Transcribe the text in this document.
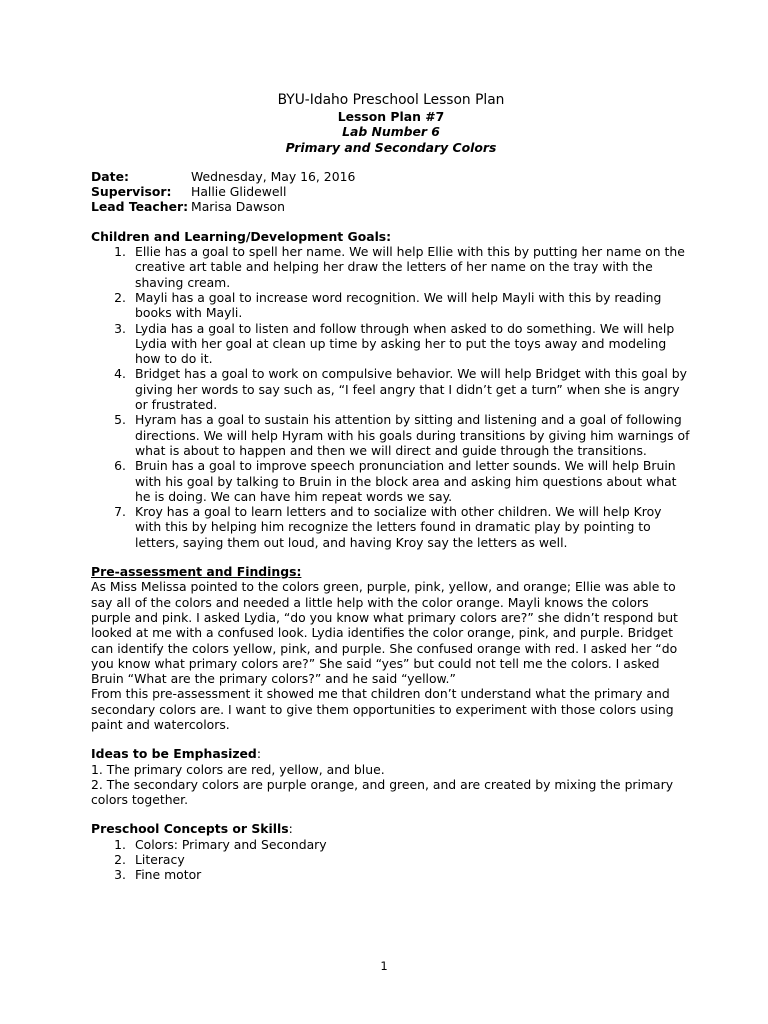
BYU-Idaho Preschool Lesson Plan
Lesson Plan #7
Lab Number 6
Primary and Secondary Colors
Date:	Wednesday, May 16, 2016
Supervisor:	Hallie Glidewell
Lead Teacher: Marisa Dawson
Children and Learning/Development Goals:
1. Ellie has a goal to spell her name. We will help Ellie with this by putting her name on the creative art table and helping her draw the letters of her name on the tray with the shaving cream.
2. Mayli has a goal to increase word recognition. We will help Mayli with this by reading books with Mayli.
3. Lydia has a goal to listen and follow through when asked to do something. We will help Lydia with her goal at clean up time by asking her to put the toys away and modeling how to do it.
4. Bridget has a goal to work on compulsive behavior. We will help Bridget with this goal by giving her words to say such as, “I feel angry that I didn’t get a turn” when she is angry or frustrated.
5. Hyram has a goal to sustain his attention by sitting and listening and a goal of following directions. We will help Hyram with his goals during transitions by giving him warnings of what is about to happen and then we will direct and guide through the transitions.
6. Bruin has a goal to improve speech pronunciation and letter sounds. We will help Bruin with his goal by talking to Bruin in the block area and asking him questions about what he is doing. We can have him repeat words we say.
7. Kroy has a goal to learn letters and to socialize with other children. We will help Kroy with this by helping him recognize the letters found in dramatic play by pointing to letters, saying them out loud, and having Kroy say the letters as well.
Pre-assessment and Findings:
As Miss Melissa pointed to the colors green, purple, pink, yellow, and orange; Ellie was able to say all of the colors and needed a little help with the color orange. Mayli knows the colors purple and pink. I asked Lydia, “do you know what primary colors are?” she didn’t respond but looked at me with a confused look. Lydia identifies the color orange, pink, and purple. Bridget can identify the colors yellow, pink, and purple. She confused orange with red. I asked her “do you know what primary colors are?” She said “yes” but could not tell me the colors. I asked Bruin “What are the primary colors?” and he said “yellow.”
From this pre-assessment it showed me that children don’t understand what the primary and secondary colors are. I want to give them opportunities to experiment with those colors using paint and watercolors.
Ideas to be Emphasized:
1. The primary colors are red, yellow, and blue.
2. The secondary colors are purple orange, and green, and are created by mixing the primary colors together.
Preschool Concepts or Skills:
1. Colors: Primary and Secondary
2. Literacy
3. Fine motor
1
